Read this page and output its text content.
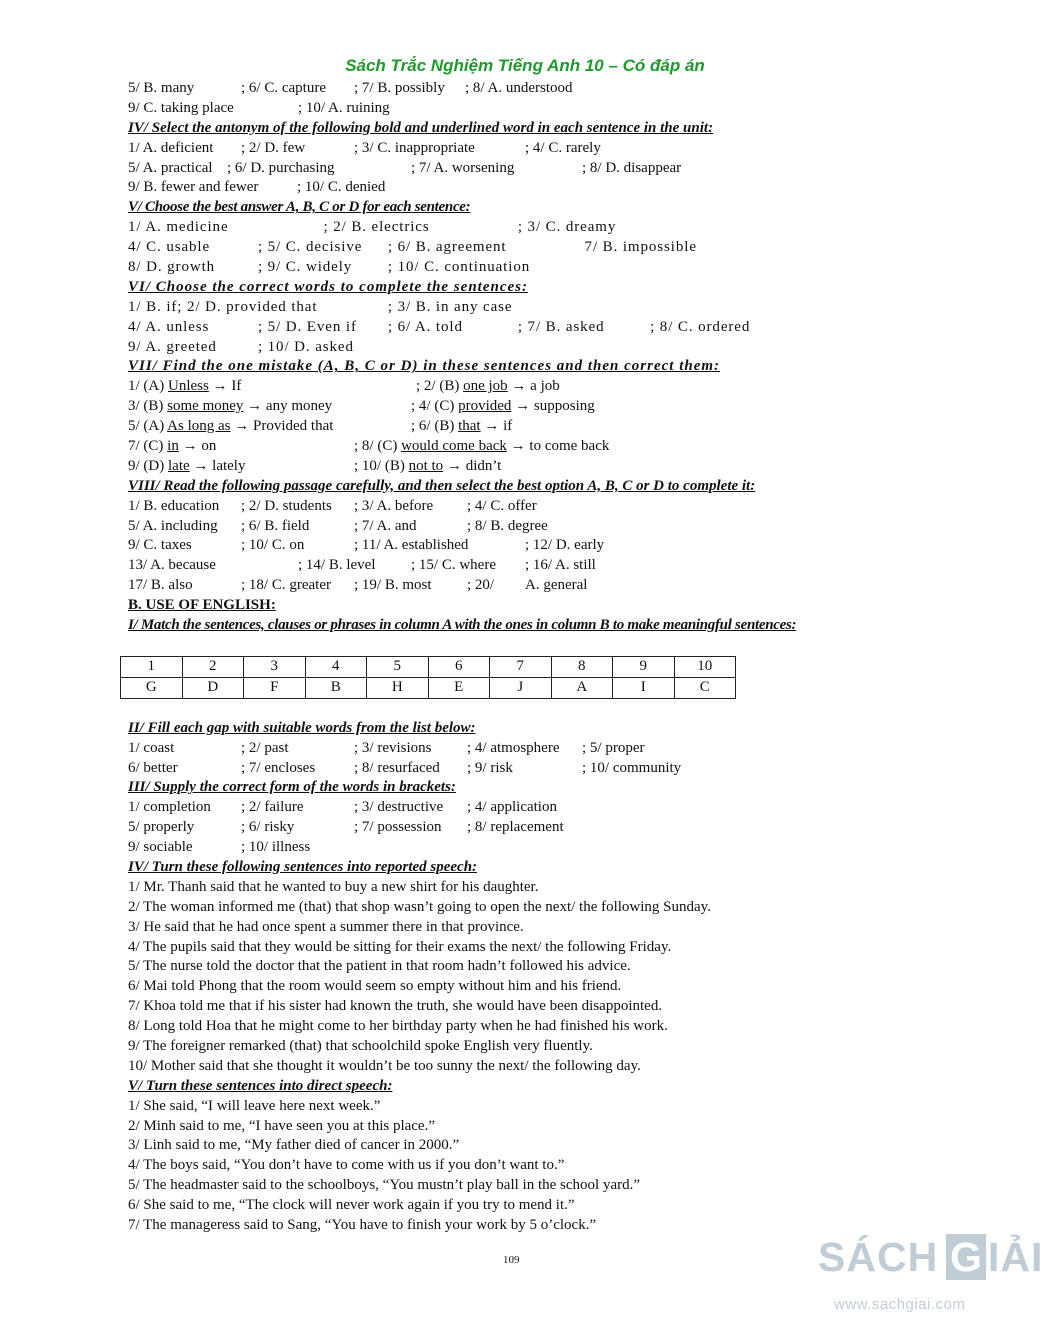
Sách Trắc Nghiệm Tiếng Anh 10 – Có đáp án
5/ B. many	; 6/ C. capture ; 7/ B. possibly ; 8/ A. understood
9/ C. taking place	; 10/ A. ruining
IV/ Select the antonym of the following bold and underlined word in each sentence in the unit:
1/ A. deficient ; 2/ D. few	; 3/ C. inappropriate	; 4/ C. rarely
5/ A. practical ; 6/ D. purchasing	; 7/ A. worsening	; 8/ D. disappear
9/ B. fewer and fewer	; 10/ C. denied
V/ Choose the best answer A, B, C or D for each sentence:
1/ A. medicine	; 2/ B. electrics	; 3/ C. dreamy
4/ C. usable	; 5/ C. decisive ; 6/ B. agreement	7/ B. impossible
8/ D. growth	; 9/ C. widely ; 10/ C. continuation
VI/ Choose the correct words to complete the sentences:
1/ B. if; 2/ D. provided that	; 3/ B. in any case
4/ A. unless	; 5/ D. Even if ; 6/ A. told	; 7/ B. asked	; 8/ C. ordered
9/ A. greeted	; 10/ D. asked
VII/ Find the one mistake (A, B, C or D) in these sentences and then correct them:
1/ (A) Unless → If	; 2/ (B) one job → a job
3/ (B) some money → any money	; 4/ (C) provided → supposing
5/ (A) As long as → Provided that	; 6/ (B) that → if
7/ (C) in → on	; 8/ (C) would come back → to come back
9/ (D) late → lately	; 10/ (B) not to → didn’t
VIII/ Read the following passage carefully, and then select the best option A, B, C or D to complete it:
1/ B. education ; 2/ D. students ; 3/ A. before ; 4/ C. offer
5/ A. including ; 6/ B. field	; 7/ A. and	; 8/ B. degree
9/ C. taxes	; 10/ C. on	; 11/ A. established	; 12/ D. early
13/ A. because	; 14/ B. level ; 15/ C. where ; 16/ A. still
17/ B. also	; 18/ C. greater ; 19/ B. most ; 20/ A. general
B. USE OF ENGLISH:
I/ Match the sentences, clauses or phrases in column A with the ones in column B to make meaningful sentences:
1	2	3	4	5	6	7	8	9	10
G	D	F	B	H	E	J	A	I	C
II/ Fill each gap with suitable words from the list below:
1/ coast	; 2/ past	; 3/ revisions ; 4/ atmosphere ; 5/ proper
6/ better	; 7/ encloses	; 8/ resurfaced ; 9/ risk	; 10/ community
III/ Supply the correct form of the words in brackets:
1/ completion ; 2/ failure	; 3/ destructive ; 4/ application
5/ properly	; 6/ risky	; 7/ possession ; 8/ replacement
9/ sociable	; 10/ illness
IV/ Turn these following sentences into reported speech:
1/ Mr. Thanh said that he wanted to buy a new shirt for his daughter.
2/ The woman informed me (that) that shop wasn’t going to open the next/ the following Sunday.
3/ He said that he had once spent a summer there in that province.
4/ The pupils said that they would be sitting for their exams the next/ the following Friday.
5/ The nurse told the doctor that the patient in that room hadn’t followed his advice.
6/ Mai told Phong that the room would seem so empty without him and his friend.
7/ Khoa told me that if his sister had known the truth, she would have been disappointed.
8/ Long told Hoa that he might come to her birthday party when he had finished his work.
9/ The foreigner remarked (that) that schoolchild spoke English very fluently.
10/ Mother said that she thought it wouldn’t be too sunny the next/ the following day.
V/ Turn these sentences into direct speech:
1/ She said, “I will leave here next week.”
2/ Minh said to me, “I have seen you at this place.”
3/ Linh said to me, “My father died of cancer in 2000.”
4/ The boys said, “You don’t have to come with us if you don’t want to.”
5/ The headmaster said to the schoolboys, “You mustn’t play ball in the school yard.”
6/ She said to me, “The clock will never work again if you try to mend it.”
7/ The manageress said to Sang, “You have to finish your work by 5 o’clock.”
109	SÁCH G IẢI
www.sachgiai.com
